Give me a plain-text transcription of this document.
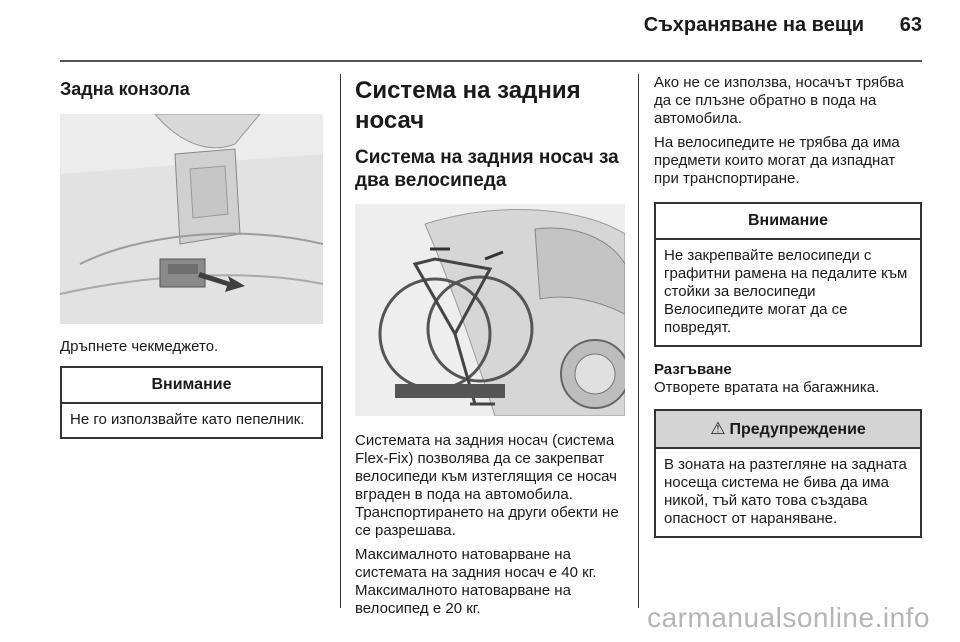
Съхраняване на вещи 63
Задна конзола

Дръпнете чекмеджето.

Внимание
Не го използвайте като пепелник.
Система на задния носач
Система на задния носач за два велосипеда

Системата на задния носач (система Flex-Fix) позволява да се закрепват велосипеди към изтеглящия се носач вграден в пода на автомобила. Транспортирането на други обекти не се разрешава.

Максималното натоварване на системата на задния носач е 40 кг. Максималното натоварване на велосипед е 20 кг.

Ако не се използва, носачът трябва да се плъзне обратно в пода на автомобила.

На велосипедите не трябва да има предмети които могат да изпаднат при транспортиране.

Внимание
Не закрепвайте велосипеди с графитни рамена на педалите към стойки за велосипеди Велосипедите могат да се повредят.

Разгъване

Отворете вратата на багажника.

⚠ Предупреждение
В зоната на разтегляне на задната носеща система не бива да има никой, тъй като това създава опасност от нараняване.
carmanualsonline.info
